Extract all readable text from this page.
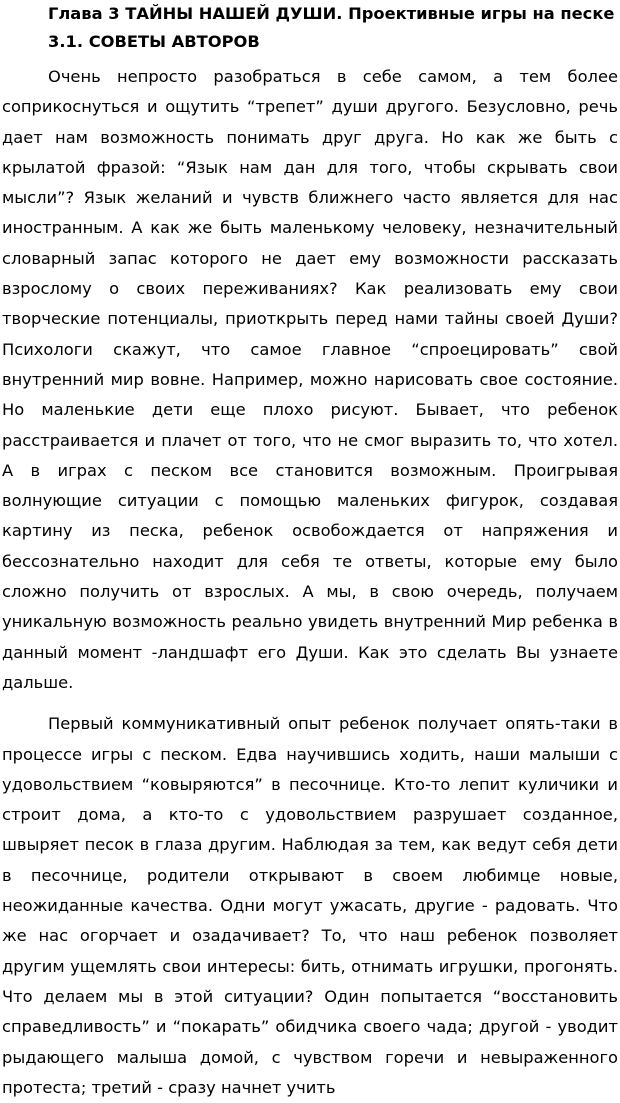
Глава 3 ТАЙНЫ НАШЕЙ ДУШИ. Проективные игры на песке
3.1. СОВЕТЫ АВТОРОВ

Очень непросто разобраться в себе самом, а тем более соприкоснуться и ощутить “трепет” души другого. Безусловно, речь дает нам возможность понимать друг друга. Но как же быть с крылатой фразой: “Язык нам дан для того, чтобы скрывать свои мысли”? Язык желаний и чувств ближнего часто является для нас иностранным. А как же быть маленькому человеку, незначительный словарный запас которого не дает ему возможности рассказать взрослому о своих переживаниях? Как реализовать ему свои творческие потенциалы, приоткрыть перед нами тайны своей Души? Психологи скажут, что самое главное “спроецировать” свой внутренний мир вовне. Например, можно нарисовать свое состояние. Но маленькие дети еще плохо рисуют. Бывает, что ребенок расстраивается и плачет от того, что не смог выразить то, что хотел. А в играх с песком все становится возможным. Проигрывая волнующие ситуации с помощью маленьких фигурок, создавая картину из песка, ребенок освобождается от напряжения и бессознательно находит для себя те ответы, которые ему было сложно получить от взрослых. А мы, в свою очередь, получаем уникальную возможность реально увидеть внутренний Мир ребенка в данный момент -ландшафт его Души. Как это сделать Вы узнаете дальше.

Первый коммуникативный опыт ребенок получает опять-таки в процессе игры с песком. Едва научившись ходить, наши малыши с удовольствием “ковыряются” в песочнице. Кто-то лепит куличики и строит дома, а кто-то с удовольствием разрушает созданное, швыряет песок в глаза другим. Наблюдая за тем, как ведут себя дети в песочнице, родители открывают в своем любимце новые, неожиданные качества. Одни могут ужасать, другие - радовать. Что же нас огорчает и озадачивает? То, что наш ребенок позволяет другим ущемлять свои интересы: бить, отнимать игрушки, прогонять. Что делаем мы в этой ситуации? Один попытается “восстановить справедливость” и “покарать” обидчика своего чада; другой - уводит рыдающего малыша домой, с чувством горечи и невыраженного протеста; третий - сразу начнет учить
